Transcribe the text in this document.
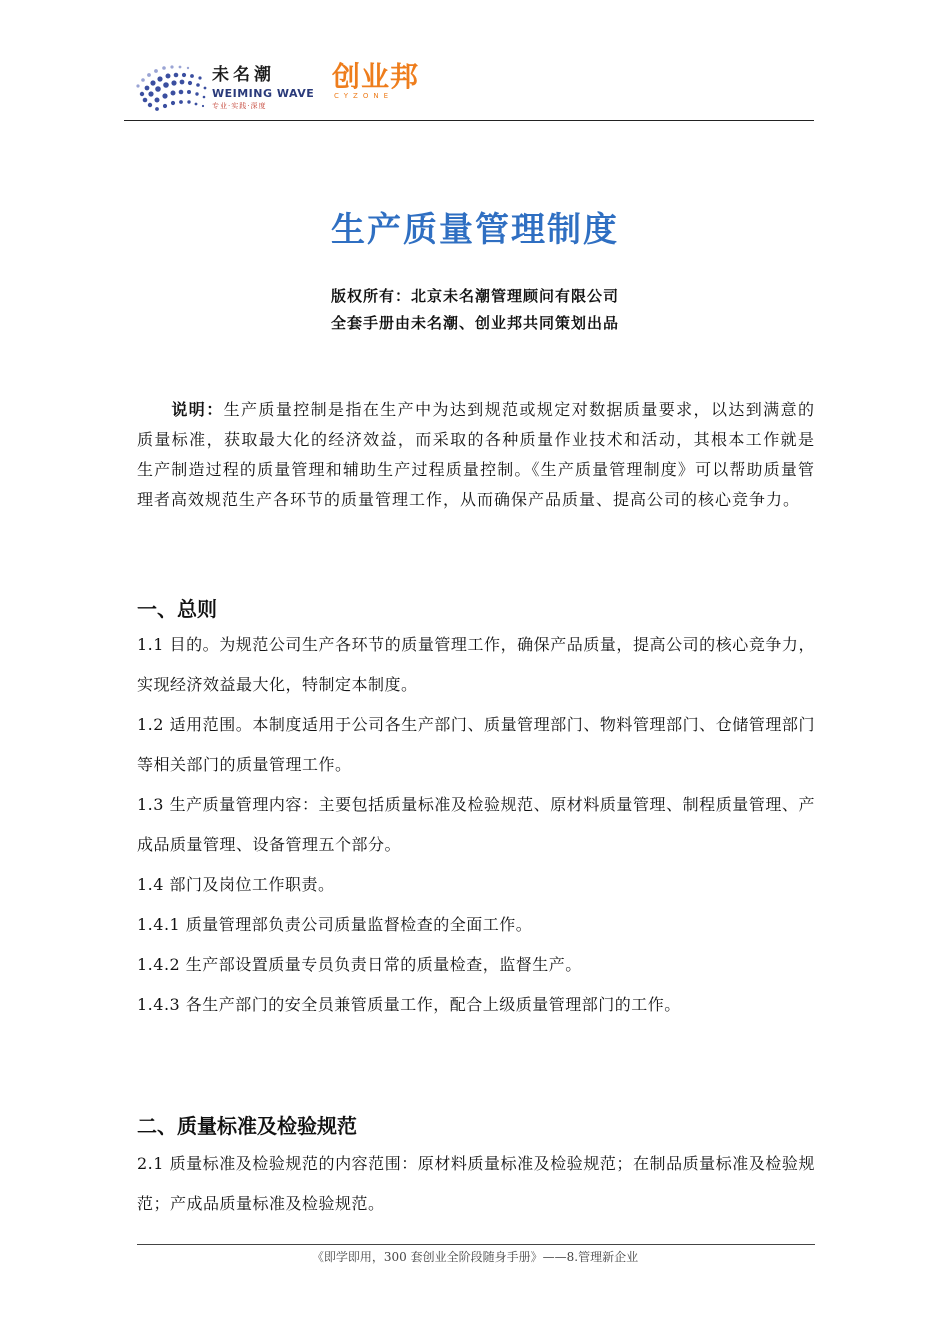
未名潮
WEIMING WAVE
专业·实践·深度
创业邦
CYZONE
生产质量管理制度
版权所有：北京未名潮管理顾问有限公司
全套手册由未名潮、创业邦共同策划出品
说明：生产质量控制是指在生产中为达到规范或规定对数据质量要求，以达到满意的质量标准，获取最大化的经济效益，而采取的各种质量作业技术和活动，其根本工作就是生产制造过程的质量管理和辅助生产过程质量控制。《生产质量管理制度》可以帮助质量管理者高效规范生产各环节的质量管理工作，从而确保产品质量、提高公司的核心竞争力。
一、总则
1.1 目的。为规范公司生产各环节的质量管理工作，确保产品质量，提高公司的核心竞争力，实现经济效益最大化，特制定本制度。
1.2 适用范围。本制度适用于公司各生产部门、质量管理部门、物料管理部门、仓储管理部门等相关部门的质量管理工作。
1.3 生产质量管理内容：主要包括质量标准及检验规范、原材料质量管理、制程质量管理、产成品质量管理、设备管理五个部分。
1.4 部门及岗位工作职责。
1.4.1 质量管理部负责公司质量监督检查的全面工作。
1.4.2 生产部设置质量专员负责日常的质量检查，监督生产。
1.4.3 各生产部门的安全员兼管质量工作，配合上级质量管理部门的工作。
二、质量标准及检验规范
2.1 质量标准及检验规范的内容范围：原材料质量标准及检验规范；在制品质量标准及检验规范；产成品质量标准及检验规范。
《即学即用，300 套创业全阶段随身手册》——8.管理新企业
